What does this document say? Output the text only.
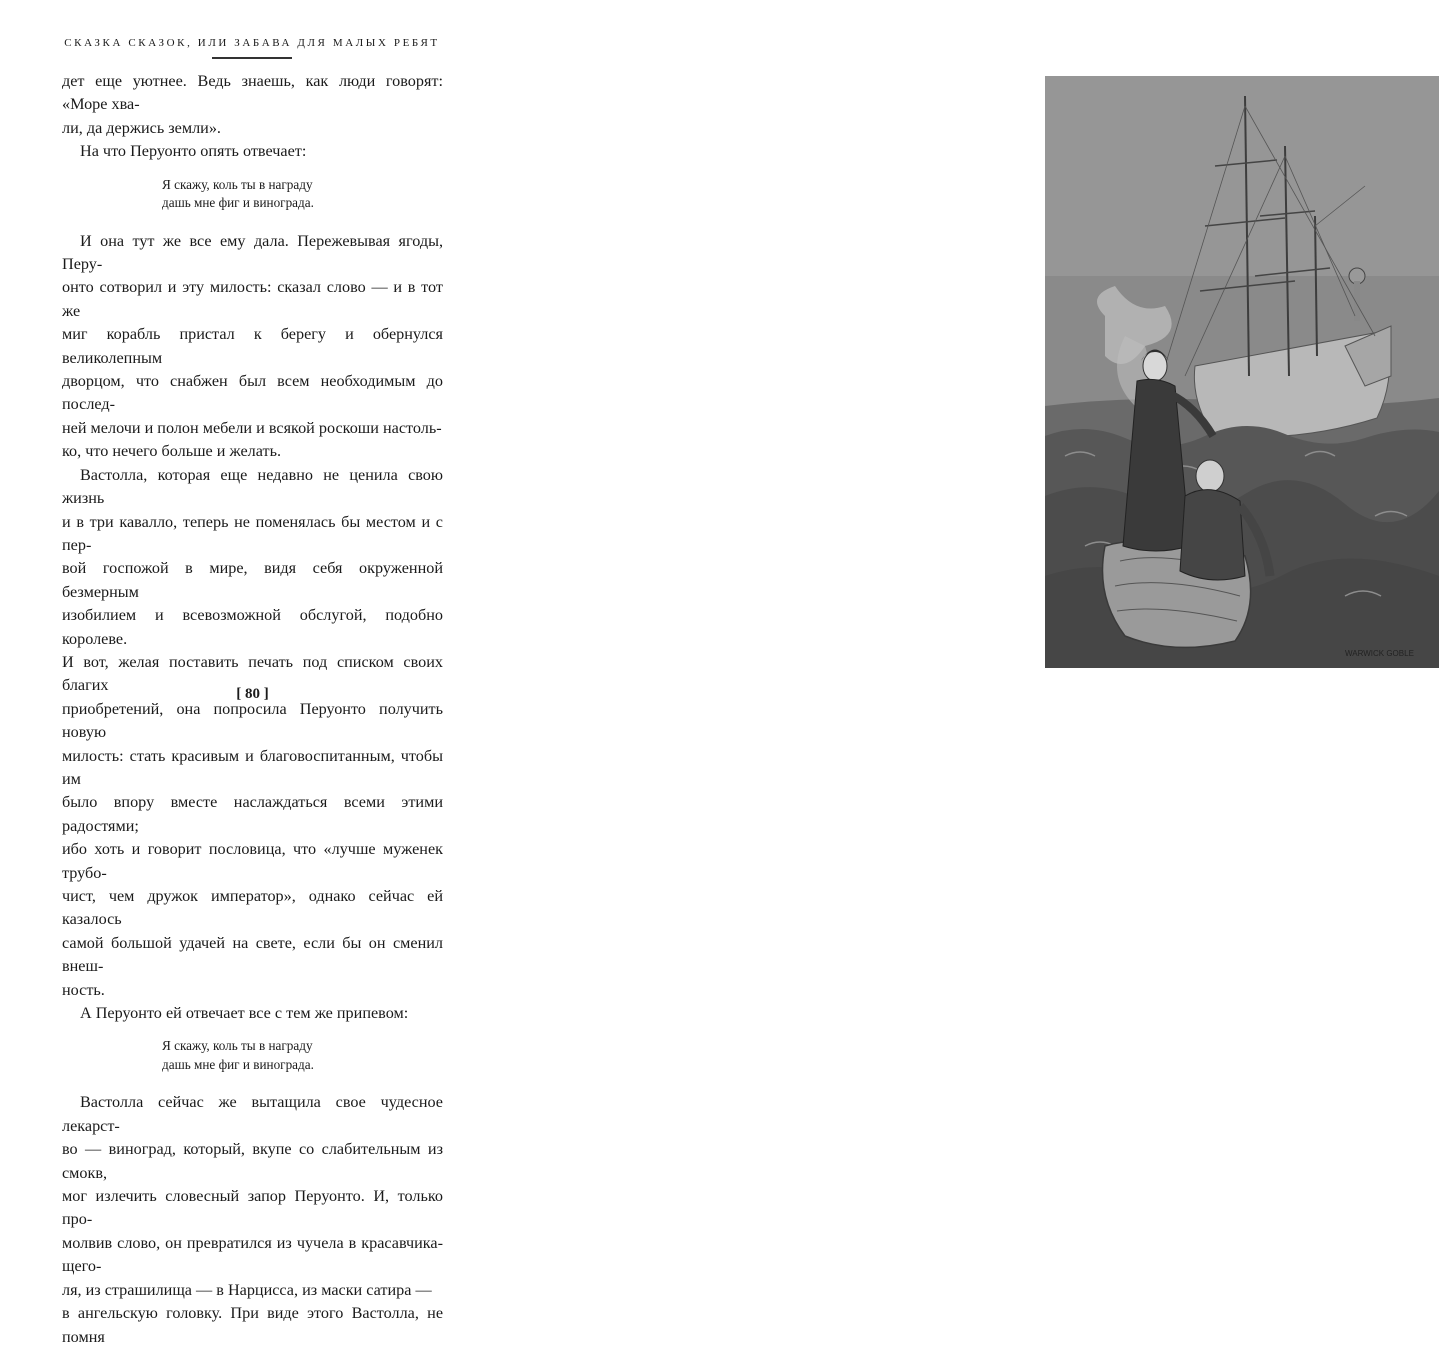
СКАЗКА СКАЗОК, ИЛИ ЗАБАВА ДЛЯ МАЛЫХ РЕБЯТ

дет еще уютнее. Ведь знаешь, как люди говорят: «Море хва-

ли, да держись земли».

На что Перуонто опять отвечает:

Я скажу, коль ты в награду
дашь мне фиг и винограда.

И она тут же все ему дала. Пережевывая ягоды, Перу-

онто сотворил и эту милость: сказал слово — и в тот же

миг корабль пристал к берегу и обернулся великолепным

дворцом, что снабжен был всем необходимым до послед-

ней мелочи и полон мебели и всякой роскоши настоль-

ко, что нечего больше и желать.

Вастолла, которая еще недавно не ценила свою жизнь

и в три кавалло, теперь не поменялась бы местом и с пер-

вой госпожой в мире, видя себя окруженной безмерным

изобилием и всевозможной обслугой, подобно королеве.

И вот, желая поставить печать под списком своих благих

приобретений, она попросила Перуонто получить новую

милость: стать красивым и благовоспитанным, чтобы им

было впору вместе наслаждаться всеми этими радостями;

ибо хоть и говорит пословица, что «лучше муженек трубо-

чист, чем дружок император», однако сейчас ей казалось

самой большой удачей на свете, если бы он сменил внеш-

ность.

А Перуонто ей отвечает все с тем же припевом:

Я скажу, коль ты в награду
дашь мне фиг и винограда.

Вастолла сейчас же вытащила свое чудесное лекарст-

во — виноград, который, вкупе со слабительным из смокв,

мог излечить словесный запор Перуонто. И, только про-

молвив слово, он превратился из чучела в красавчика-щего-

ля, из страшилища — в Нарцисса, из маски сатира —

в ангельскую головку. При виде этого Вастолла, не помня

[ 80 ]
WARWICK GOBLE
